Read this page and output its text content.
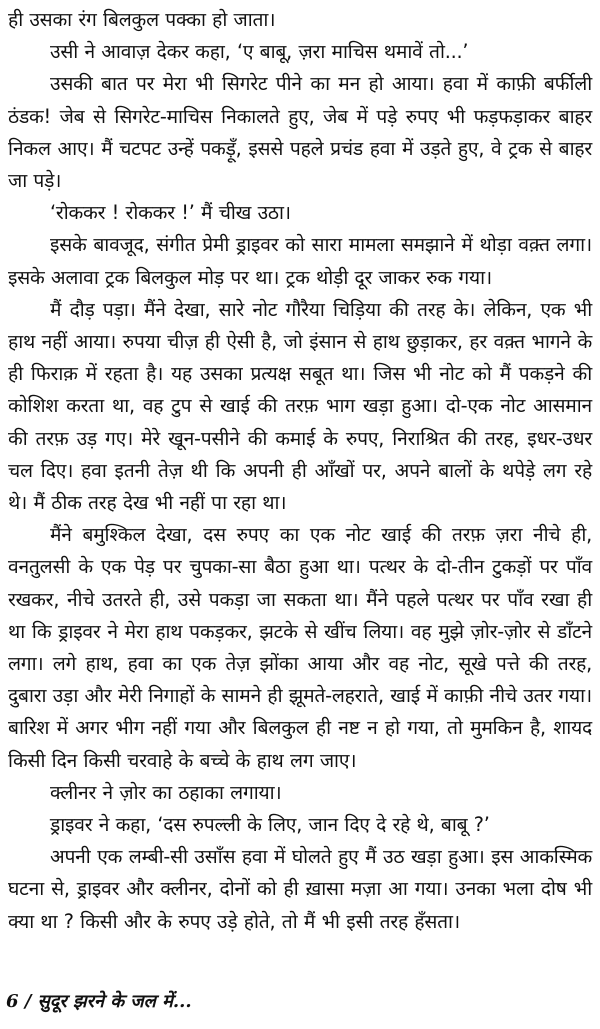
ही उसका रंग बिलकुल पक्का हो जाता।

उसी ने आवाज़ देकर कहा, ‘ए बाबू, ज़रा माचिस थमावें तो...’

उसकी बात पर मेरा भी सिगरेट पीने का मन हो आया। हवा में काफ़ी बर्फीली ठंडक! जेब से सिगरेट-माचिस निकालते हुए, जेब में पड़े रुपए भी फड़फड़ाकर बाहर निकल आए। मैं चटपट उन्हें पकड़ूँ, इससे पहले प्रचंड हवा में उड़ते हुए, वे ट्रक से बाहर जा पड़े।

‘रोककर ! रोककर !’ मैं चीख उठा।

इसके बावजूद, संगीत प्रेमी ड्राइवर को सारा मामला समझाने में थोड़ा वक़्त लगा। इसके अलावा ट्रक बिलकुल मोड़ पर था। ट्रक थोड़ी दूर जाकर रुक गया।

मैं दौड़ पड़ा। मैंने देखा, सारे नोट गौरैया चिड़िया की तरह के। लेकिन, एक भी हाथ नहीं आया। रुपया चीज़ ही ऐसी है, जो इंसान से हाथ छुड़ाकर, हर वक़्त भागने के ही फिराक़ में रहता है। यह उसका प्रत्यक्ष सबूत था। जिस भी नोट को मैं पकड़ने की कोशिश करता था, वह टुप से खाई की तरफ़ भाग खड़ा हुआ। दो-एक नोट आसमान की तरफ़ उड़ गए। मेरे खून-पसीने की कमाई के रुपए, निराश्रित की तरह, इधर-उधर चल दिए। हवा इतनी तेज़ थी कि अपनी ही आँखों पर, अपने बालों के थपेड़े लग रहे थे। मैं ठीक तरह देख भी नहीं पा रहा था।

मैंने बमुश्किल देखा, दस रुपए का एक नोट खाई की तरफ़ ज़रा नीचे ही, वनतुलसी के एक पेड़ पर चुपका-सा बैठा हुआ था। पत्थर के दो-तीन टुकड़ों पर पाँव रखकर, नीचे उतरते ही, उसे पकड़ा जा सकता था। मैंने पहले पत्थर पर पाँव रखा ही था कि ड्राइवर ने मेरा हाथ पकड़कर, झटके से खींच लिया। वह मुझे ज़ोर-ज़ोर से डाँटने लगा। लगे हाथ, हवा का एक तेज़ झोंका आया और वह नोट, सूखे पत्ते की तरह, दुबारा उड़ा और मेरी निगाहों के सामने ही झूमते-लहराते, खाई में काफ़ी नीचे उतर गया। बारिश में अगर भीग नहीं गया और बिलकुल ही नष्ट न हो गया, तो मुमकिन है, शायद किसी दिन किसी चरवाहे के बच्चे के हाथ लग जाए।

क्लीनर ने ज़ोर का ठहाका लगाया।

ड्राइवर ने कहा, ‘दस रुपल्ली के लिए, जान दिए दे रहे थे, बाबू ?’

अपनी एक लम्बी-सी उसाँस हवा में घोलते हुए मैं उठ खड़ा हुआ। इस आकस्मिक घटना से, ड्राइवर और क्लीनर, दोनों को ही ख़ासा मज़ा आ गया। उनका भला दोष भी क्या था ? किसी और के रुपए उड़े होते, तो मैं भी इसी तरह हँसता।

6 / सुदूर झरने के जल में...
